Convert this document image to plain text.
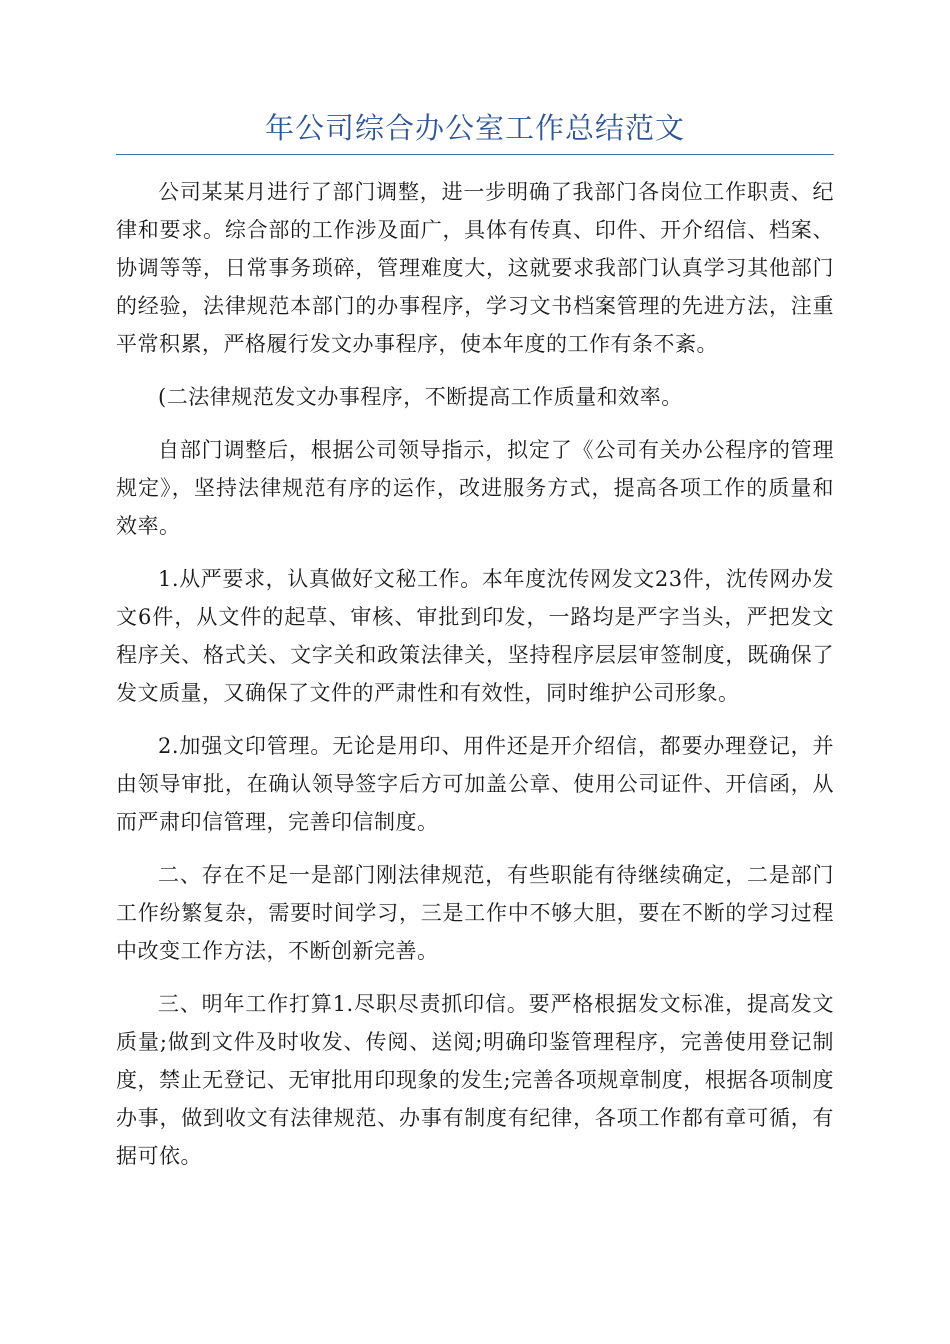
年公司综合办公室工作总结范文

公司某某月进行了部门调整，进一步明确了我部门各岗位工作职责、纪律和要求。综合部的工作涉及面广，具体有传真、印件、开介绍信、档案、协调等等，日常事务琐碎，管理难度大，这就要求我部门认真学习其他部门的经验，法律规范本部门的办事程序，学习文书档案管理的先进方法，注重平常积累，严格履行发文办事程序，使本年度的工作有条不紊。

(二法律规范发文办事程序，不断提高工作质量和效率。

自部门调整后，根据公司领导指示，拟定了《公司有关办公程序的管理规定》，坚持法律规范有序的运作，改进服务方式，提高各项工作的质量和效率。

1.从严要求，认真做好文秘工作。本年度沈传网发文23件，沈传网办发文6件，从文件的起草、审核、审批到印发，一路均是严字当头，严把发文程序关、格式关、文字关和政策法律关，坚持程序层层审签制度，既确保了发文质量，又确保了文件的严肃性和有效性，同时维护公司形象。

2.加强文印管理。无论是用印、用件还是开介绍信，都要办理登记，并由领导审批，在确认领导签字后方可加盖公章、使用公司证件、开信函，从而严肃印信管理，完善印信制度。

二、存在不足一是部门刚法律规范，有些职能有待继续确定，二是部门工作纷繁复杂，需要时间学习，三是工作中不够大胆，要在不断的学习过程中改变工作方法，不断创新完善。

三、明年工作打算1.尽职尽责抓印信。要严格根据发文标准，提高发文质量;做到文件及时收发、传阅、送阅;明确印鉴管理程序，完善使用登记制度，禁止无登记、无审批用印现象的发生;完善各项规章制度，根据各项制度办事，做到收文有法律规范、办事有制度有纪律，各项工作都有章可循，有据可依。
